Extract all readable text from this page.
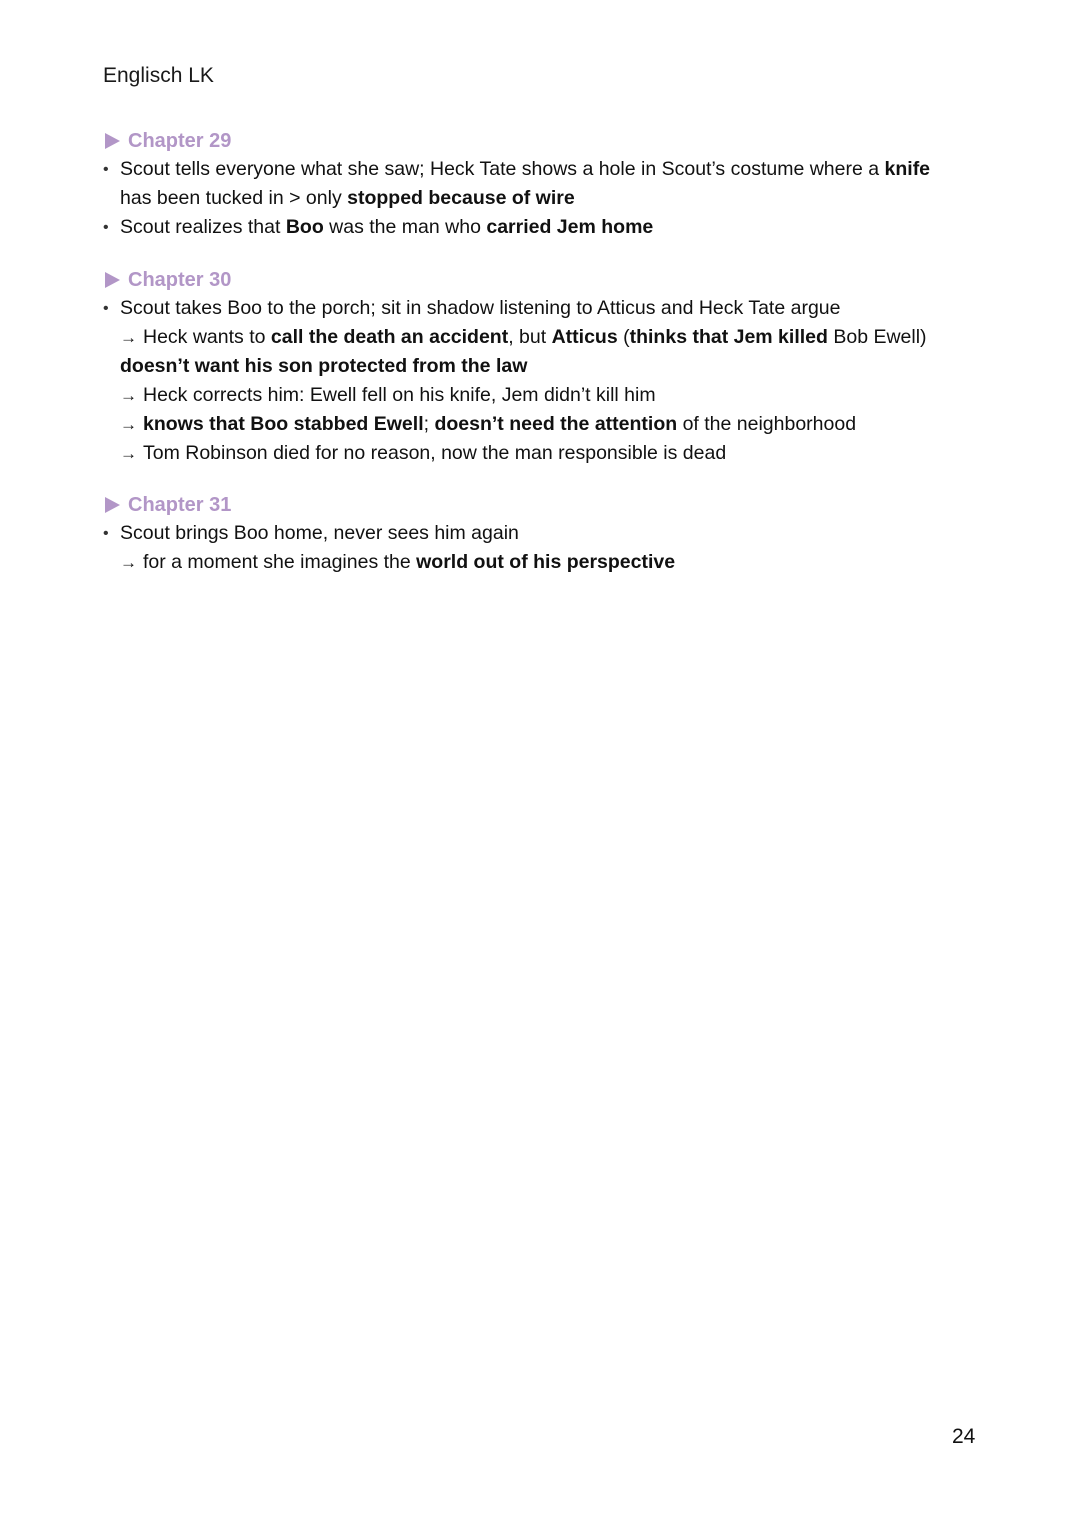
Englisch LK
Chapter 29
• Scout tells everyone what she saw; Heck Tate shows a hole in Scout’s costume where a knife
has been tucked in > only stopped because of wire
• Scout realizes that Boo was the man who carried Jem home
Chapter 30
• Scout takes Boo to the porch; sit in shadow listening to Atticus and Heck Tate argue
→ Heck wants to call the death an accident, but Atticus (thinks that Jem killed Bob Ewell)
doesn’t want his son protected from the law
→ Heck corrects him: Ewell fell on his knife, Jem didn’t kill him
→ knows that Boo stabbed Ewell; doesn’t need the attention of the neighborhood
→ Tom Robinson died for no reason, now the man responsible is dead
Chapter 31
• Scout brings Boo home, never sees him again
→ for a moment she imagines the world out of his perspective
24
